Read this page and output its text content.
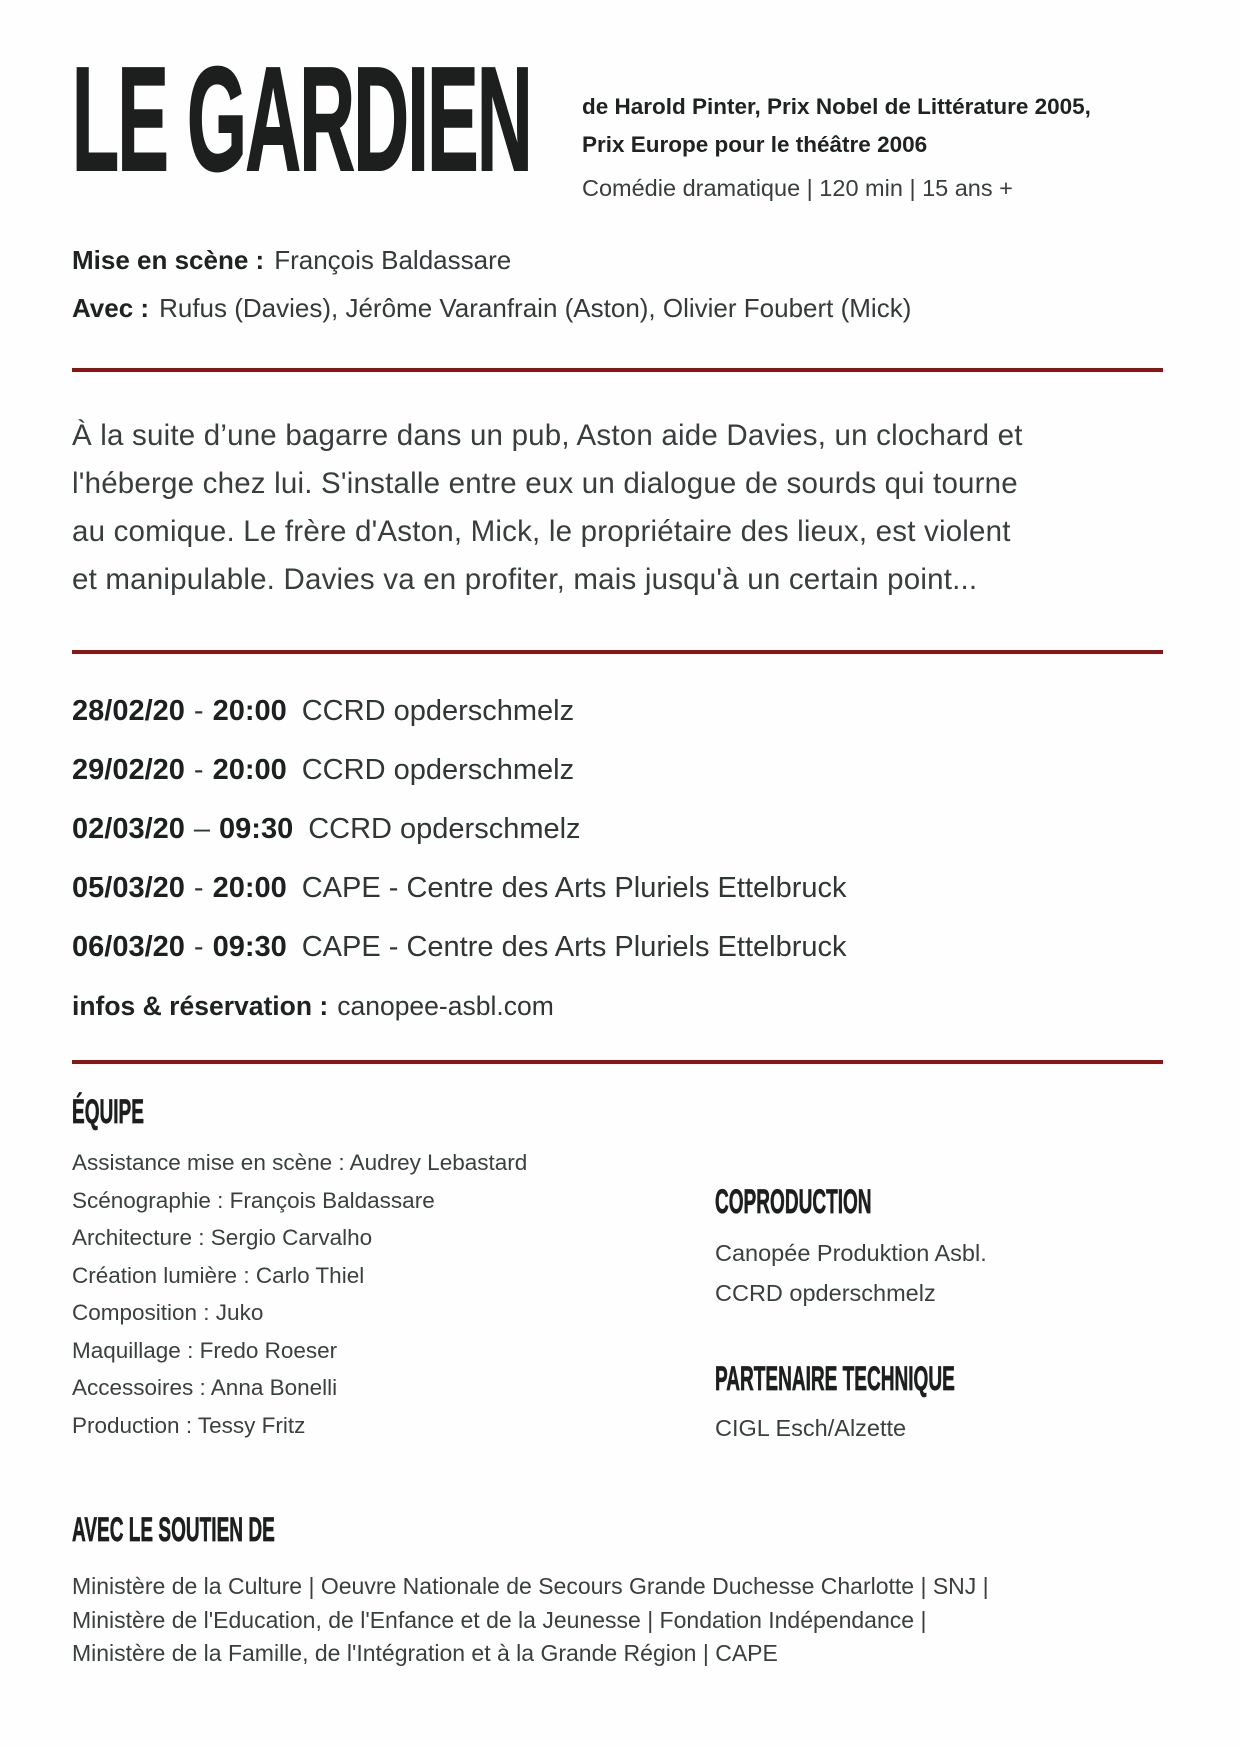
LE GARDIEN	de Harold Pinter, Prix Nobel de Littérature 2005,

Prix Europe pour le théâtre 2006

Comédie dramatique | 120 min | 15 ans +

Mise en scène : François Baldassare
Avec : Rufus (Davies), Jérôme Varanfrain (Aston), Olivier Foubert (Mick)
À la suite d’une bagarre dans un pub, Aston aide Davies, un clochard et
l'héberge chez lui. S'installe entre eux un dialogue de sourds qui tourne
au comique. Le frère d'Aston, Mick, le propriétaire des lieux, est violent
et manipulable. Davies va en profiter, mais jusqu'à un certain point...
28/02/20 - 20:00 CCRD opderschmelz
29/02/20 - 20:00 CCRD opderschmelz
02/03/20 – 09:30 CCRD opderschmelz
05/03/20 - 20:00 CAPE - Centre des Arts Pluriels Ettelbruck
06/03/20 - 09:30 CAPE - Centre des Arts Pluriels Ettelbruck
infos & réservation : canopee-asbl.com
ÉQUIPE
Assistance mise en scène : Audrey Lebastard
Scénographie : François Baldassare
Architecture : Sergio Carvalho
Création lumière : Carlo Thiel
Composition : Juko
Maquillage : Fredo Roeser
Accessoires : Anna Bonelli
Production : Tessy Fritz
COPRODUCTION
Canopée Produktion Asbl.
CCRD opderschmelz
PARTENAIRE TECHNIQUE
CIGL Esch/Alzette
AVEC LE SOUTIEN DE
Ministère de la Culture | Oeuvre Nationale de Secours Grande Duchesse Charlotte | SNJ |
Ministère de l'Education, de l'Enfance et de la Jeunesse | Fondation Indépendance |
Ministère de la Famille, de l'Intégration et à la Grande Région | CAPE
